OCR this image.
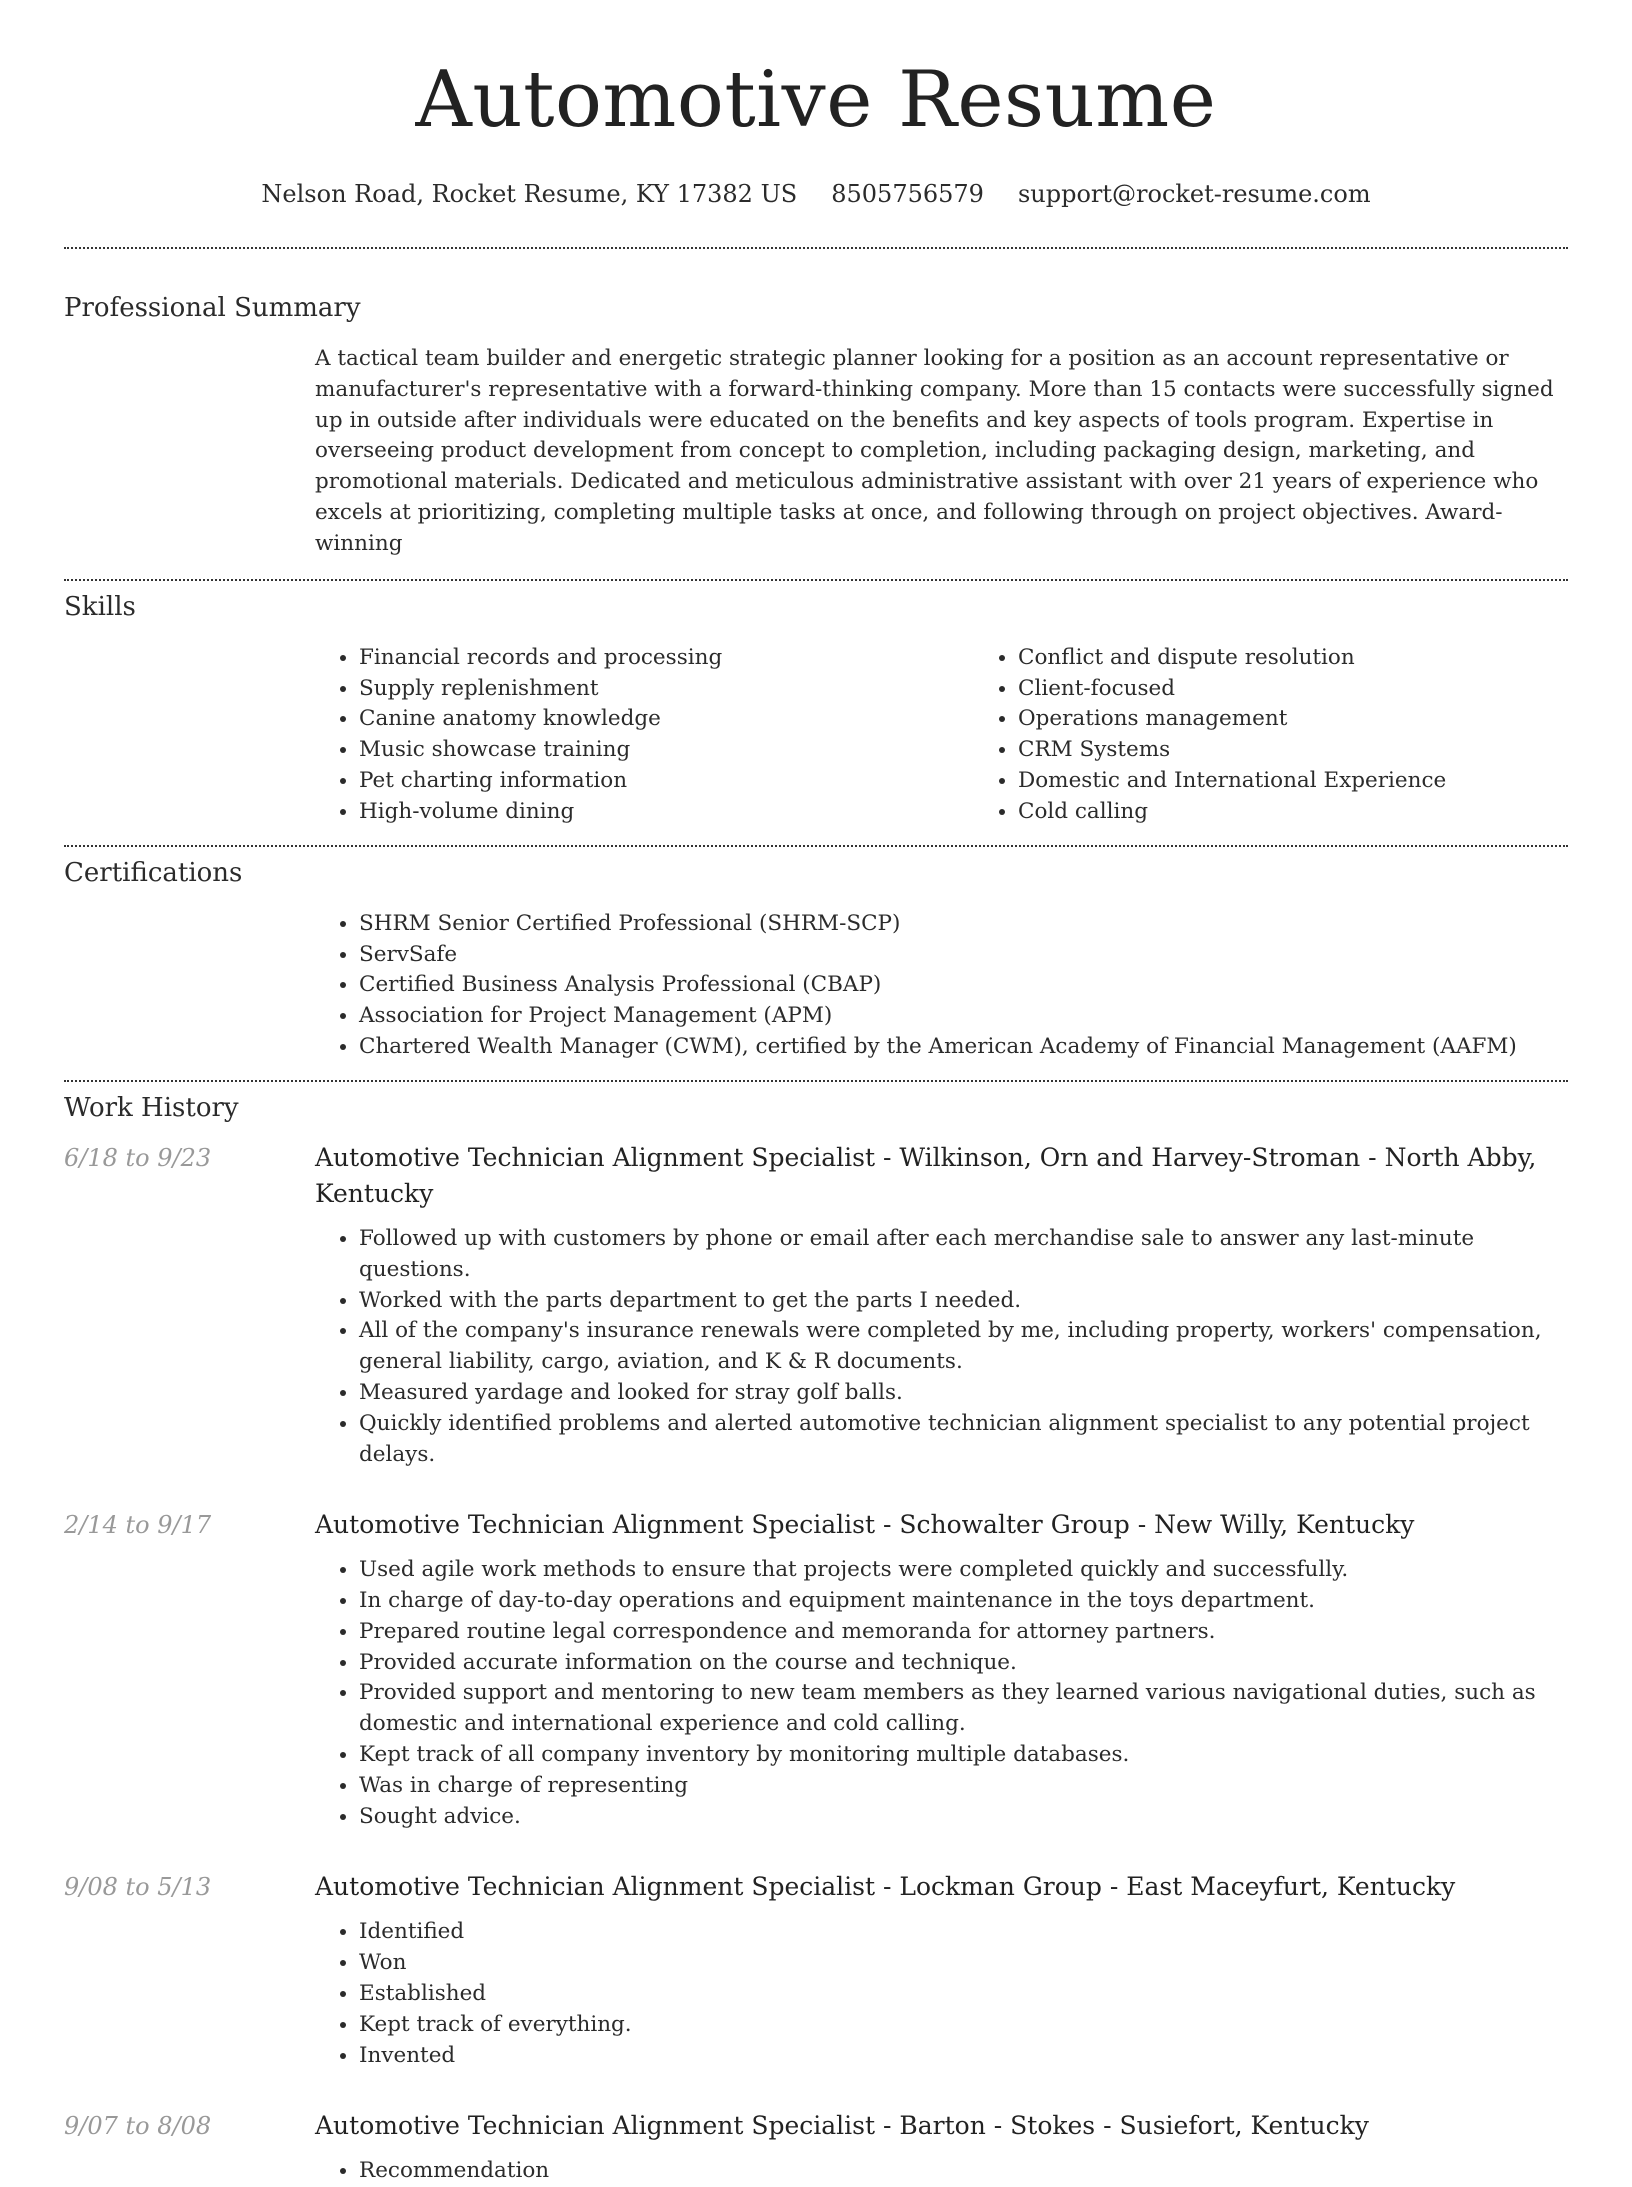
Automotive Resume
Nelson Road, Rocket Resume, KY 17382 US 8505756579 support@rocket-resume.com
Professional Summary

A tactical team builder and energetic strategic planner looking for a position as an account representative or manufacturer's representative with a forward-thinking company. More than 15 contacts were successfully signed up in outside after individuals were educated on the benefits and key aspects of tools program. Expertise in overseeing product development from concept to completion, including packaging design, marketing, and promotional materials. Dedicated and meticulous administrative assistant with over 21 years of experience who excels at prioritizing, completing multiple tasks at once, and following through on project objectives. Award-winning

Skills
• Financial records and processing
• Supply replenishment
• Canine anatomy knowledge
• Music showcase training
• Pet charting information
• High-volume dining
• Conflict and dispute resolution
• Client-focused
• Operations management
• CRM Systems
• Domestic and International Experience
• Cold calling
Certifications
• SHRM Senior Certified Professional (SHRM-SCP)
• ServSafe
• Certified Business Analysis Professional (CBAP)
• Association for Project Management (APM)
• Chartered Wealth Manager (CWM), certified by the American Academy of Financial Management (AAFM)
Work History
6/18 to 9/23	Automotive Technician Alignment Specialist - Wilkinson, Orn and Harvey-Stroman - North Abby, Kentucky
• Followed up with customers by phone or email after each merchandise sale to answer any last-minute questions.
• Worked with the parts department to get the parts I needed.
• All of the company's insurance renewals were completed by me, including property, workers' compensation, general liability, cargo, aviation, and K & R documents.
• Measured yardage and looked for stray golf balls.
• Quickly identified problems and alerted automotive technician alignment specialist to any potential project delays.
2/14 to 9/17	Automotive Technician Alignment Specialist - Schowalter Group - New Willy, Kentucky
• Used agile work methods to ensure that projects were completed quickly and successfully.
• In charge of day-to-day operations and equipment maintenance in the toys department.
• Prepared routine legal correspondence and memoranda for attorney partners.
• Provided accurate information on the course and technique.
• Provided support and mentoring to new team members as they learned various navigational duties, such as domestic and international experience and cold calling.
• Kept track of all company inventory by monitoring multiple databases.
• Was in charge of representing
• Sought advice.
9/08 to 5/13	Automotive Technician Alignment Specialist - Lockman Group - East Maceyfurt, Kentucky
• Identified
• Won
• Established
• Kept track of everything.
• Invented
9/07 to 8/08	Automotive Technician Alignment Specialist - Barton - Stokes - Susiefort, Kentucky
• Recommendation
